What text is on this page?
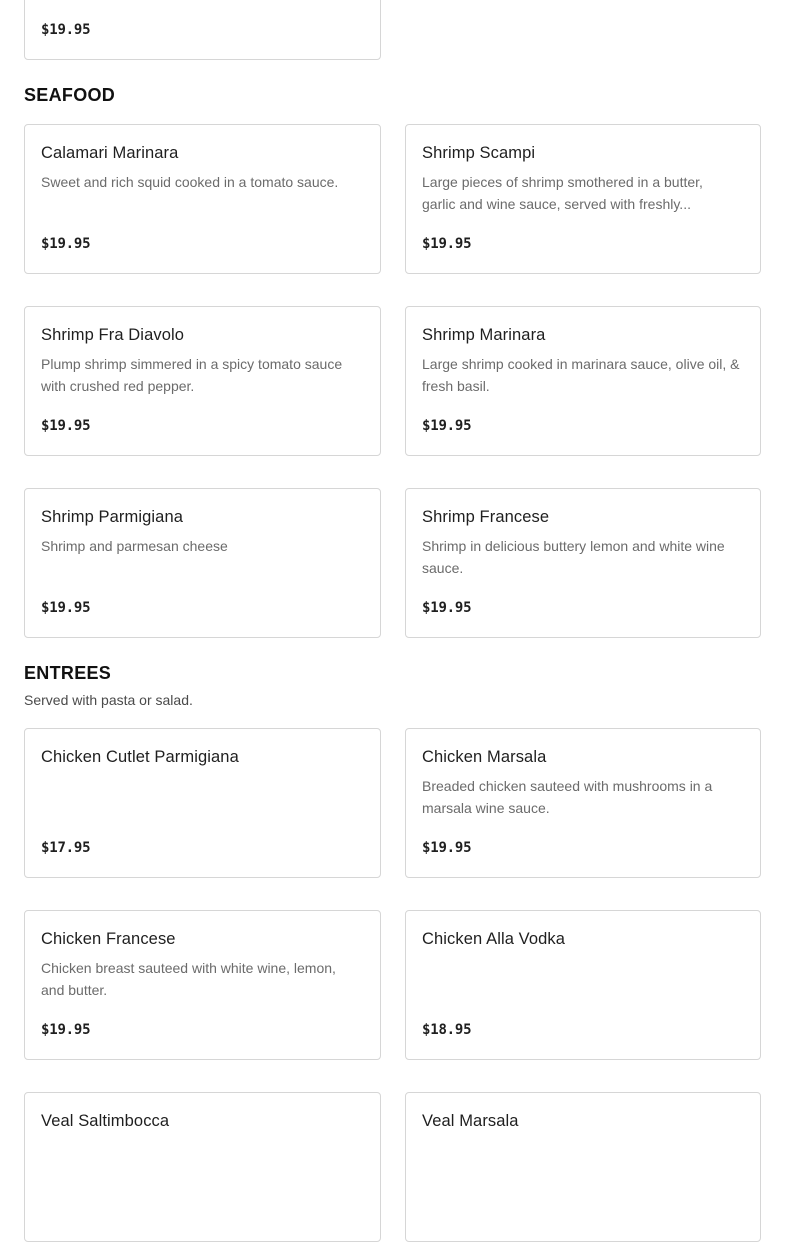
$19.95
SEAFOOD
Calamari Marinara
Sweet and rich squid cooked in a tomato sauce.
$19.95
Shrimp Scampi
Large pieces of shrimp smothered in a butter, garlic and wine sauce, served with freshly...
$19.95
Shrimp Fra Diavolo
Plump shrimp simmered in a spicy tomato sauce with crushed red pepper.
$19.95
Shrimp Marinara
Large shrimp cooked in marinara sauce, olive oil, & fresh basil.
$19.95
Shrimp Parmigiana
Shrimp and parmesan cheese
$19.95
Shrimp Francese
Shrimp in delicious buttery lemon and white wine sauce.
$19.95
ENTREES
Served with pasta or salad.
Chicken Cutlet Parmigiana
$17.95
Chicken Marsala
Breaded chicken sauteed with mushrooms in a marsala wine sauce.
$19.95
Chicken Francese
Chicken breast sauteed with white wine, lemon, and butter.
$19.95
Chicken Alla Vodka
$18.95
Veal Saltimbocca	Veal Marsala
